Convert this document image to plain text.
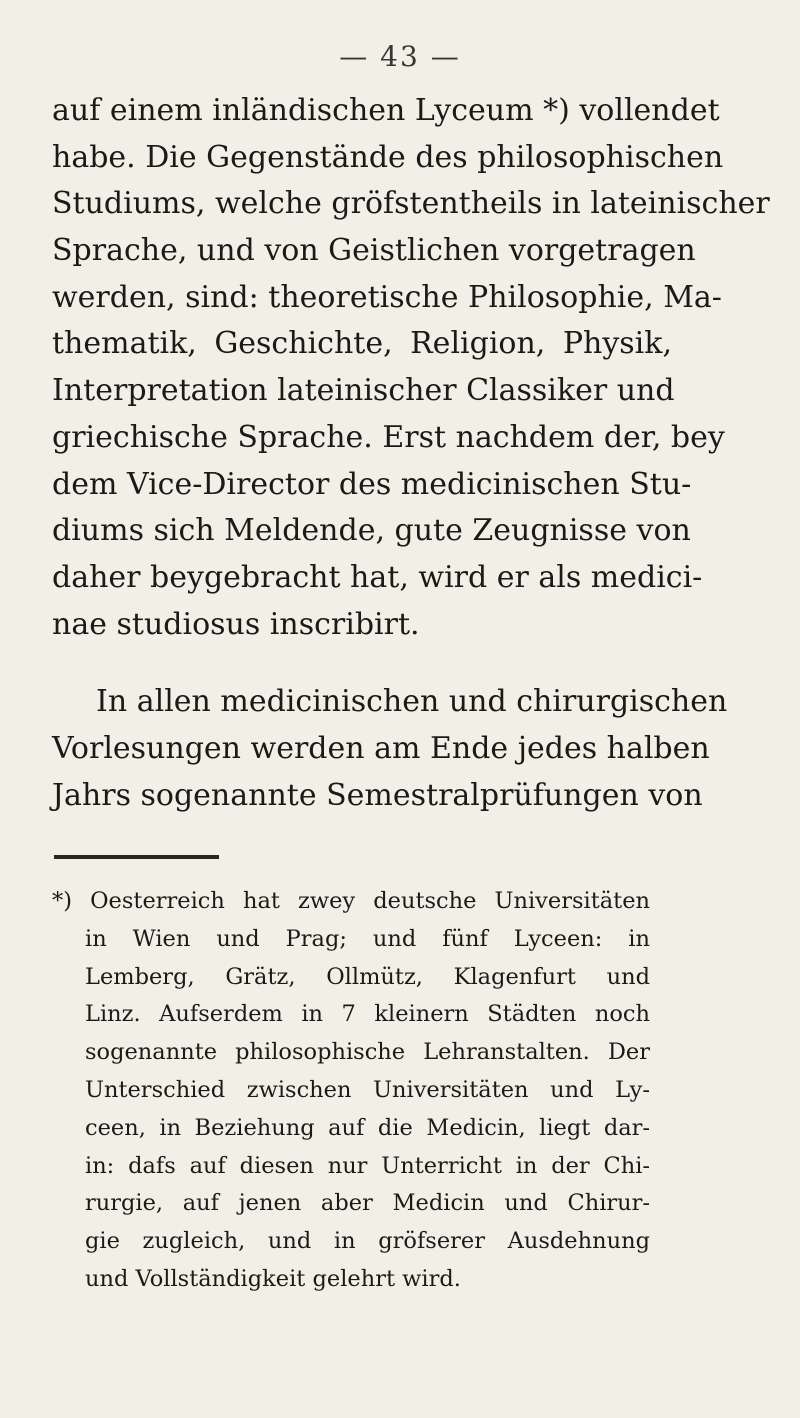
— 43 —
auf einem inländischen Lyceum *) vollendet
habe. Die Gegenstände des philosophischen
Studiums, welche gröfstentheils in lateinischer
Sprache, und von Geistlichen vorgetragen
werden, sind: theoretische Philosophie, Ma-
thematik, Geschichte, Religion, Physik,
Interpretation lateinischer Classiker und
griechische Sprache. Erst nachdem der, bey
dem Vice-Director des medicinischen Stu-
diums sich Meldende, gute Zeugnisse von
daher beygebracht hat, wird er als medici-
nae studiosus inscribirt.
In allen medicinischen und chirurgischen
Vorlesungen werden am Ende jedes halben
Jahrs sogenannte Semestralprüfungen von
*) Oesterreich hat zwey deutsche Universitäten
in Wien und Prag; und fünf Lyceen: in
Lemberg, Grätz, Ollmütz, Klagenfurt und
Linz. Aufserdem in 7 kleinern Städten noch
sogenannte philosophische Lehranstalten. Der
Unterschied zwischen Universitäten und Ly-
ceen, in Beziehung auf die Medicin, liegt dar-
in: dafs auf diesen nur Unterricht in der Chi-
rurgie, auf jenen aber Medicin und Chirur-
gie zugleich, und in gröfserer Ausdehnung
und Vollständigkeit gelehrt wird.
